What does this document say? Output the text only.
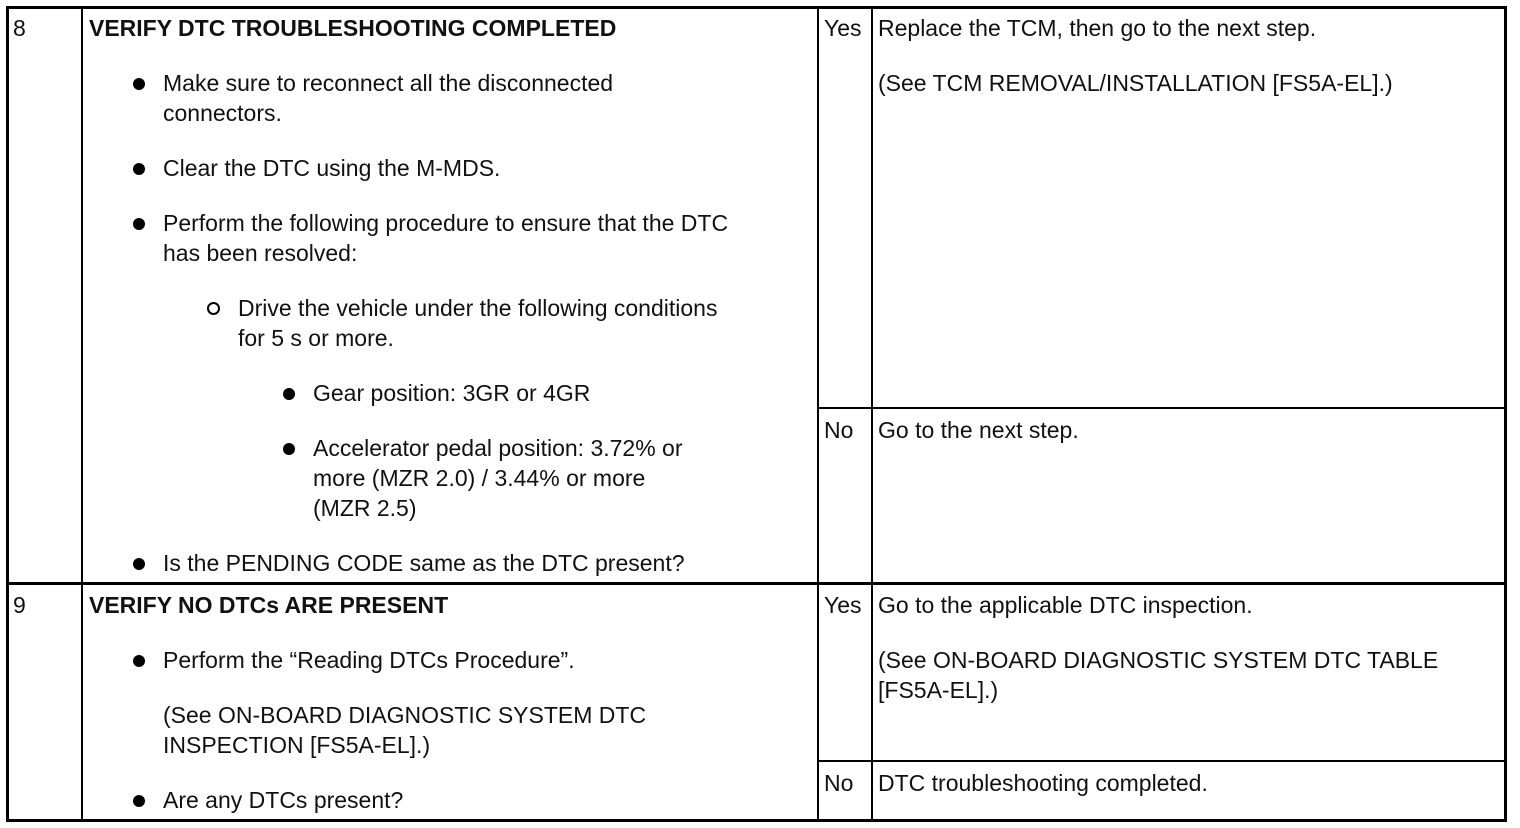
8	VERIFY DTC TROUBLESHOOTING COMPLETED
Make sure to reconnect all the disconnected
connectors.
Clear the DTC using the M-MDS.
Perform the following procedure to ensure that the DTC
has been resolved:
Drive the vehicle under the following conditions
for 5 s or more.
Gear position: 3GR or 4GR
Accelerator pedal position: 3.72% or
more (MZR 2.0) / 3.44% or more
(MZR 2.5)
Is the PENDING CODE same as the DTC present?
Yes Replace the TCM, then go to the next step.
(See TCM REMOVAL/INSTALLATION [FS5A-EL].)
No Go to the next step.
9	VERIFY NO DTCs ARE PRESENT
Perform the “Reading DTCs Procedure”.
(See ON-BOARD DIAGNOSTIC SYSTEM DTC
INSPECTION [FS5A-EL].)
Are any DTCs present?
Yes Go to the applicable DTC inspection.
(See ON-BOARD DIAGNOSTIC SYSTEM DTC TABLE
[FS5A-EL].)
No DTC troubleshooting completed.
